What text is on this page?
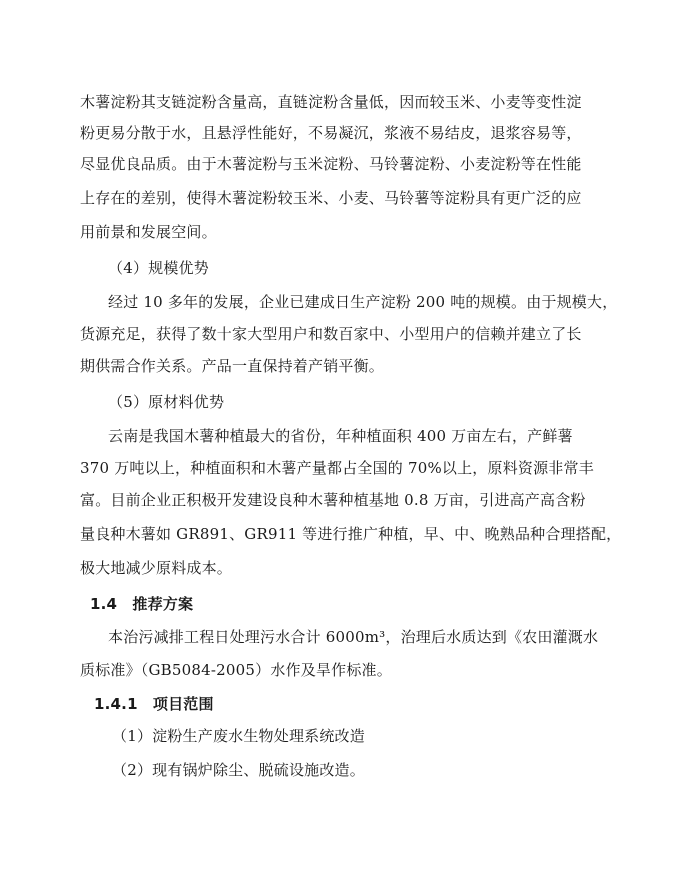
木薯淀粉其支链淀粉含量高，直链淀粉含量低，因而较玉米、小麦等变性淀
粉更易分散于水，且悬浮性能好，不易凝沉，浆液不易结皮，退浆容易等，
尽显优良品质。由于木薯淀粉与玉米淀粉、马铃薯淀粉、小麦淀粉等在性能
上存在的差别，使得木薯淀粉较玉米、小麦、马铃薯等淀粉具有更广泛的应
用前景和发展空间。
（4）规模优势
经过 10 多年的发展，企业已建成日生产淀粉 200 吨的规模。由于规模大，
货源充足，获得了数十家大型用户和数百家中、小型用户的信赖并建立了长
期供需合作关系。产品一直保持着产销平衡。
（5）原材料优势
云南是我国木薯种植最大的省份，年种植面积 400 万亩左右，产鲜薯
370 万吨以上，种植面积和木薯产量都占全国的 70%以上，原料资源非常丰
富。目前企业正积极开发建设良种木薯种植基地 0.8 万亩，引进高产高含粉
量良种木薯如 GR891、GR911 等进行推广种植，早、中、晚熟品种合理搭配，
极大地减少原料成本。
1.4　推荐方案
本治污减排工程日处理污水合计 6000m³，治理后水质达到《农田灌溉水
质标准》（GB5084-2005）水作及旱作标准。
1.4.1　项目范围
（1）淀粉生产废水生物处理系统改造
（2）现有锅炉除尘、脱硫设施改造。
